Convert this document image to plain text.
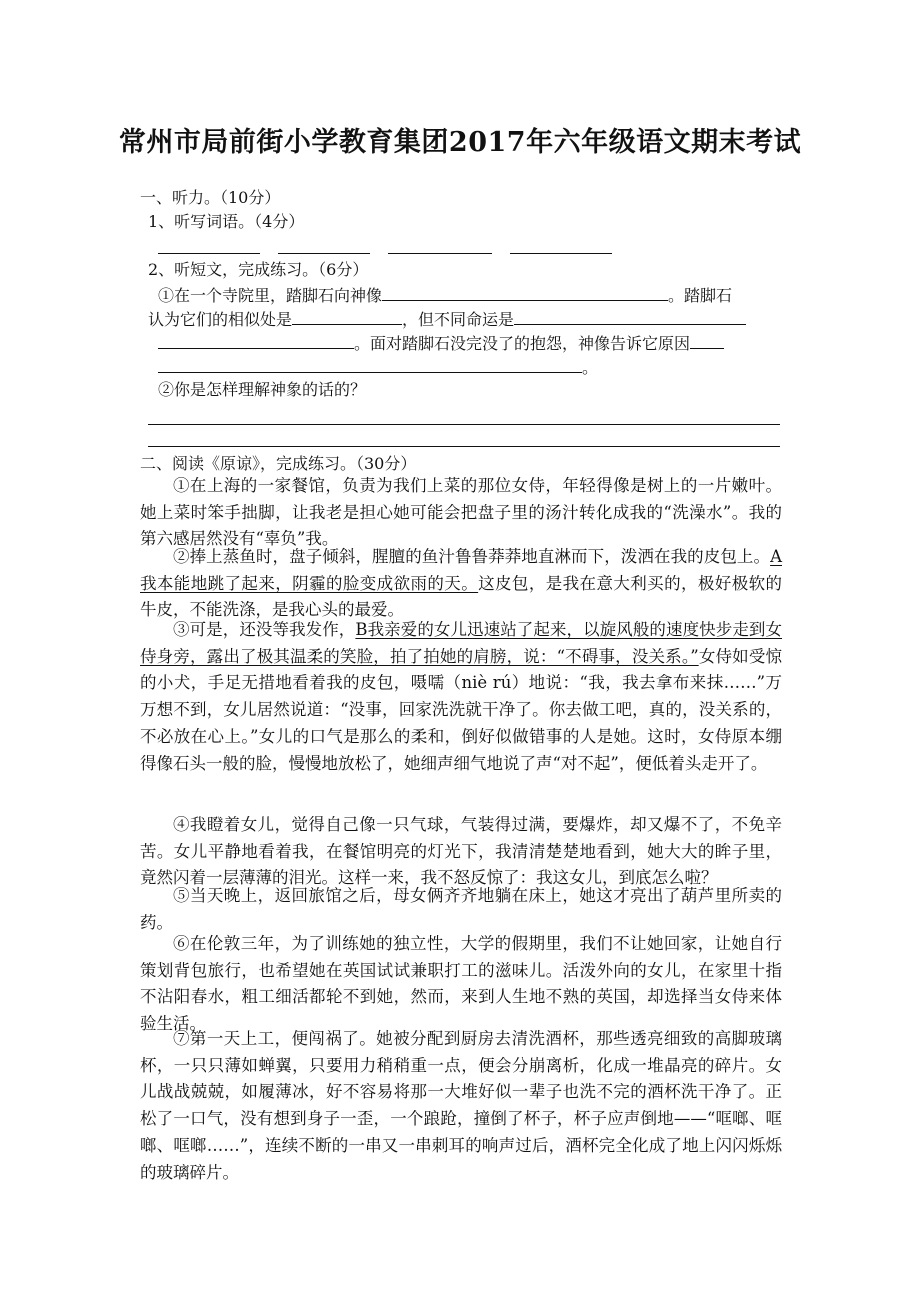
常州市局前街小学教育集团2017年六年级语文期末考试
一、听力。（10分）
1、听写词语。（4分）
2、听短文，完成练习。（6分）
①在一个寺院里，踏脚石向神像	。踏脚石
认为它们的相似处是	，但不同命运是
。面对踏脚石没完没了的抱怨，神像告诉它原因
。
②你是怎样理解神象的话的？
二、阅读《原谅》，完成练习。（30分）
①在上海的一家餐馆，负责为我们上菜的那位女侍，年轻得像是树上的一片嫩叶。她上菜时笨手拙脚，让我老是担心她可能会把盘子里的汤汁转化成我的“洗澡水”。我的第六感居然没有“辜负”我。
②捧上蒸鱼时，盘子倾斜，腥膻的鱼汁鲁鲁莽莽地直淋而下，泼洒在我的皮包上。A我本能地跳了起来，阴霾的脸变成欲雨的天。这皮包，是我在意大利买的，极好极软的牛皮，不能洗涤，是我心头的最爱。
③可是，还没等我发作，B我亲爱的女儿迅速站了起来，以旋风般的速度快步走到女侍身旁，露出了极其温柔的笑脸，拍了拍她的肩膀，说：“不碍事，没关系。”女侍如受惊的小犬，手足无措地看着我的皮包，嗫嚅（niè rú）地说：“我，我去拿布来抹……”万万想不到，女儿居然说道：“没事，回家洗洗就干净了。你去做工吧，真的，没关系的，不必放在心上。”女儿的口气是那么的柔和，倒好似做错事的人是她。这时，女侍原本绷得像石头一般的脸，慢慢地放松了，她细声细气地说了声“对不起”，便低着头走开了。
④我瞪着女儿，觉得自己像一只气球，气装得过满，要爆炸，却又爆不了，不免辛苦。女儿平静地看着我，在餐馆明亮的灯光下，我清清楚楚地看到，她大大的眸子里，竟然闪着一层薄薄的泪光。这样一来，我不怒反惊了：我这女儿，到底怎么啦？
⑤当天晚上，返回旅馆之后，母女俩齐齐地躺在床上，她这才亮出了葫芦里所卖的药。
⑥在伦敦三年，为了训练她的独立性，大学的假期里，我们不让她回家，让她自行策划背包旅行，也希望她在英国试试兼职打工的滋味儿。活泼外向的女儿，在家里十指不沾阳春水，粗工细活都轮不到她，然而，来到人生地不熟的英国，却选择当女侍来体验生活。
⑦第一天上工，便闯祸了。她被分配到厨房去清洗酒杯，那些透亮细致的高脚玻璃杯，一只只薄如蝉翼，只要用力稍稍重一点，便会分崩离析，化成一堆晶亮的碎片。女儿战战兢兢，如履薄冰，好不容易将那一大堆好似一辈子也洗不完的酒杯洗干净了。正松了一口气，没有想到身子一歪，一个踉跄，撞倒了杯子，杯子应声倒地——“哐啷、哐啷、哐啷……”，连续不断的一串又一串刺耳的响声过后，酒杯完全化成了地上闪闪烁烁的玻璃碎片。
